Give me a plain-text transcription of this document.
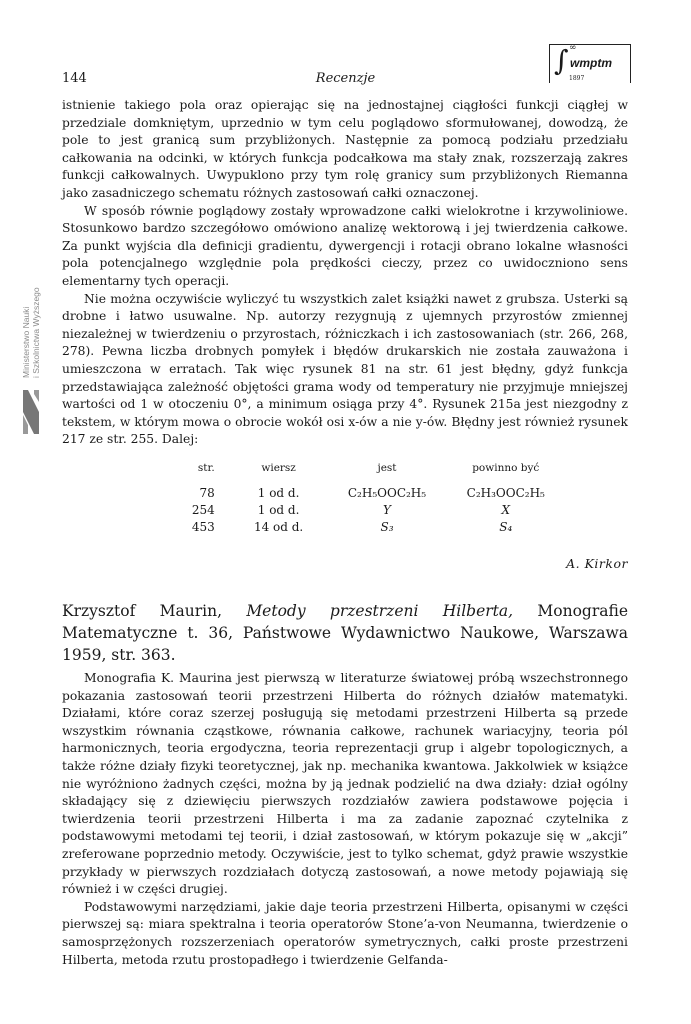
144	Recenzje
∫ ∞
wmptm
1897
Ministerstwo Nauki i Szkolnictwa Wyższego

istnienie takiego pola oraz opierając się na jednostajnej ciągłości funkcji ciągłej w przedziale domkniętym, uprzednio w tym celu poglądowo sformułowanej, dowodzą, że pole to jest granicą sum przybliżonych. Następnie za pomocą podziału przedziału całkowania na odcinki, w których funkcja podcałkowa ma stały znak, rozszerzają zakres funkcji całkowalnych. Uwypuklono przy tym rolę granicy sum przybliżonych Riemanna jako zasadniczego schematu różnych zastosowań całki oznaczonej.

W sposób równie poglądowy zostały wprowadzone całki wielokrotne i krzywoliniowe. Stosunkowo bardzo szczegółowo omówiono analizę wektorową i jej twierdzenia całkowe. Za punkt wyjścia dla definicji gradientu, dywergencji i rotacji obrano lokalne własności pola potencjalnego względnie pola prędkości cieczy, przez co uwidoczniono sens elementarny tych operacji.

Nie można oczywiście wyliczyć tu wszystkich zalet książki nawet z grubsza. Usterki są drobne i łatwo usuwalne. Np. autorzy rezygnują z ujemnych przyrostów zmiennej niezależnej w twierdzeniu o przyrostach, różniczkach i ich zastosowaniach (str. 266, 268, 278). Pewna liczba drobnych pomyłek i błędów drukarskich nie została zauważona i umieszczona w erratach. Tak więc rysunek 81 na str. 61 jest błędny, gdyż funkcja przedstawiająca zależność objętości grama wody od temperatury nie przyjmuje mniejszej wartości od 1 w otoczeniu 0°, a minimum osiąga przy 4°. Rysunek 215a jest niezgodny z tekstem, w którym mowa o obrocie wokół osi x-ów a nie y-ów. Błędny jest również rysunek 217 ze str. 255. Dalej:

str.	wiersz	jest	powinno być
78	1 od d.	C₂H₅OOC₂H₅	C₂H₃OOC₂H₅
254	1 od d.	Y	X
453	14 od d.	S₃	S₄
A. Kirkor
Krzysztof Maurin, Metody przestrzeni Hilberta, Monografie Matematyczne t. 36, Państwowe Wydawnictwo Naukowe, Warszawa 1959, str. 363.

Monografia K. Maurina jest pierwszą w literaturze światowej próbą wszechstronnego pokazania zastosowań teorii przestrzeni Hilberta do różnych działów matematyki. Działami, które coraz szerzej posługują się metodami przestrzeni Hilberta są przede wszystkim równania cząstkowe, równania całkowe, rachunek wariacyjny, teoria pól harmonicznych, teoria ergodyczna, teoria reprezentacji grup i algebr topologicznych, a także różne działy fizyki teoretycznej, jak np. mechanika kwantowa. Jakkolwiek w książce nie wyróżniono żadnych części, można by ją jednak podzielić na dwa działy: dział ogólny składający się z dziewięciu pierwszych rozdziałów zawiera podstawowe pojęcia i twierdzenia teorii przestrzeni Hilberta i ma za zadanie zapoznać czytelnika z podstawowymi metodami tej teorii, i dział zastosowań, w którym pokazuje się w „akcji” zreferowane poprzednio metody. Oczywiście, jest to tylko schemat, gdyż prawie wszystkie przykłady w pierwszych rozdziałach dotyczą zastosowań, a nowe metody pojawiają się również i w części drugiej.

Podstawowymi narzędziami, jakie daje teoria przestrzeni Hilberta, opisanymi w części pierwszej są: miara spektralna i teoria operatorów Stone’a-von Neumanna, twierdzenie o samosprzężonych rozszerzeniach operatorów symetrycznych, całki proste przestrzeni Hilberta, metoda rzutu prostopadłego i twierdzenie Gelfanda-
